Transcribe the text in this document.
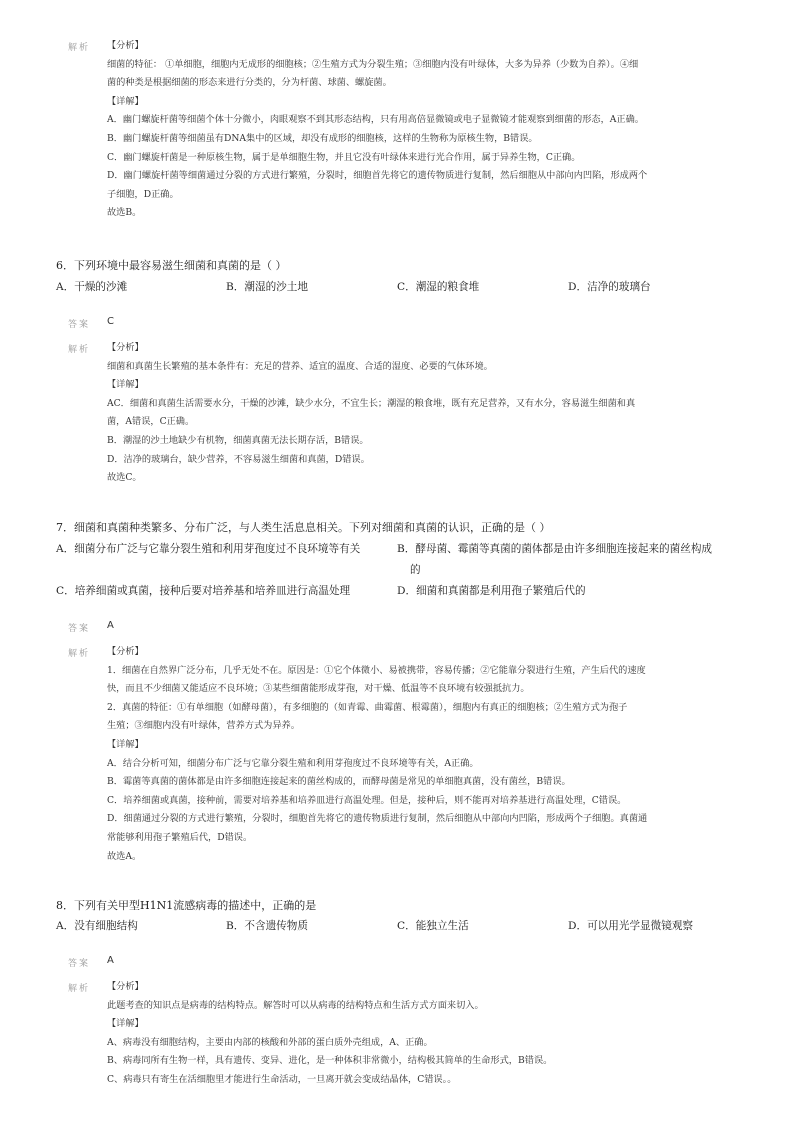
解析 【分析】

细菌的特征： ①单细胞，细胞内无成形的细胞核；②生殖方式为分裂生殖；③细胞内没有叶绿体，大多为异养（少数为自养）。④细

菌的种类是根据细菌的形态来进行分类的，分为杆菌、球菌、螺旋菌。

【详解】

A．幽门螺旋杆菌等细菌个体十分微小，肉眼观察不到其形态结构，只有用高倍显微镜或电子显微镜才能观察到细菌的形态，A正确。

B．幽门螺旋杆菌等细菌虽有DNA集中的区域，却没有成形的细胞核，这样的生物称为原核生物，B错误。

C．幽门螺旋杆菌是一种原核生物，属于是单细胞生物，并且它没有叶绿体来进行光合作用，属于异养生物，C正确。

D．幽门螺旋杆菌等细菌通过分裂的方式进行繁殖，分裂时，细胞首先将它的遗传物质进行复制，然后细胞从中部向内凹陷，形成两个

子细胞，D正确。

故选B。

6．下列环境中最容易滋生细菌和真菌的是（ ）
A．干燥的沙滩	B．潮湿的沙土地	C．潮湿的粮食堆	D．洁净的玻璃台
答案 C
解析 【分析】

细菌和真菌生长繁殖的基本条件有：充足的营养、适宜的温度、合适的湿度、必要的气体环境。

【详解】

AC．细菌和真菌生活需要水分，干燥的沙滩，缺少水分，不宜生长；潮湿的粮食堆，既有充足营养，又有水分，容易滋生细菌和真

菌，A错误，C正确。

B．潮湿的沙土地缺少有机物，细菌真菌无法长期存活，B错误。

D．洁净的玻璃台，缺少营养，不容易滋生细菌和真菌，D错误。

故选C。

7．细菌和真菌种类繁多、分布广泛，与人类生活息息相关。下列对细菌和真菌的认识，正确的是（ ）
A．细菌分布广泛与它靠分裂生殖和利用芽孢度过不良环境等有关	B．酵母菌、霉菌等真菌的菌体都是由许多细胞连接起来的菌丝构成
的
C．培养细菌或真菌，接种后要对培养基和培养皿进行高温处理	D．细菌和真菌都是利用孢子繁殖后代的
答案 A
解析 【分析】

1．细菌在自然界广泛分布，几乎无处不在。原因是：①它个体微小、易被携带，容易传播；②它能靠分裂进行生殖，产生后代的速度

快，而且不少细菌又能适应不良环境；③某些细菌能形成芽孢，对干燥、低温等不良环境有较强抵抗力。

2．真菌的特征：①有单细胞（如酵母菌），有多细胞的（如青霉、曲霉菌、根霉菌），细胞内有真正的细胞核；②生殖方式为孢子

生殖；③细胞内没有叶绿体，营养方式为异养。

【详解】

A．结合分析可知，细菌分布广泛与它靠分裂生殖和利用芽孢度过不良环境等有关，A正确。

B．霉菌等真菌的菌体都是由许多细胞连接起来的菌丝构成的，而酵母菌是常见的单细胞真菌，没有菌丝，B错误。

C．培养细菌或真菌，接种前，需要对培养基和培养皿进行高温处理。但是，接种后，则不能再对培养基进行高温处理，C错误。

D．细菌通过分裂的方式进行繁殖，分裂时，细胞首先将它的遗传物质进行复制，然后细胞从中部向内凹陷，形成两个子细胞。真菌通

常能够利用孢子繁殖后代，D错误。

故选A。

8．下列有关甲型H1N1流感病毒的描述中，正确的是
A．没有细胞结构	B．不含遗传物质	C．能独立生活	D．可以用光学显微镜观察
答案 A
解析 【分析】

此题考查的知识点是病毒的结构特点。解答时可以从病毒的结构特点和生活方式方面来切入。

【详解】

A、病毒没有细胞结构，主要由内部的核酸和外部的蛋白质外壳组成，A、正确。

B、病毒同所有生物一样，具有遗传、变异、进化，是一种体积非常微小，结构极其简单的生命形式，B错误。

C、病毒只有寄生在活细胞里才能进行生命活动，一旦离开就会变成结晶体，C错误。。
